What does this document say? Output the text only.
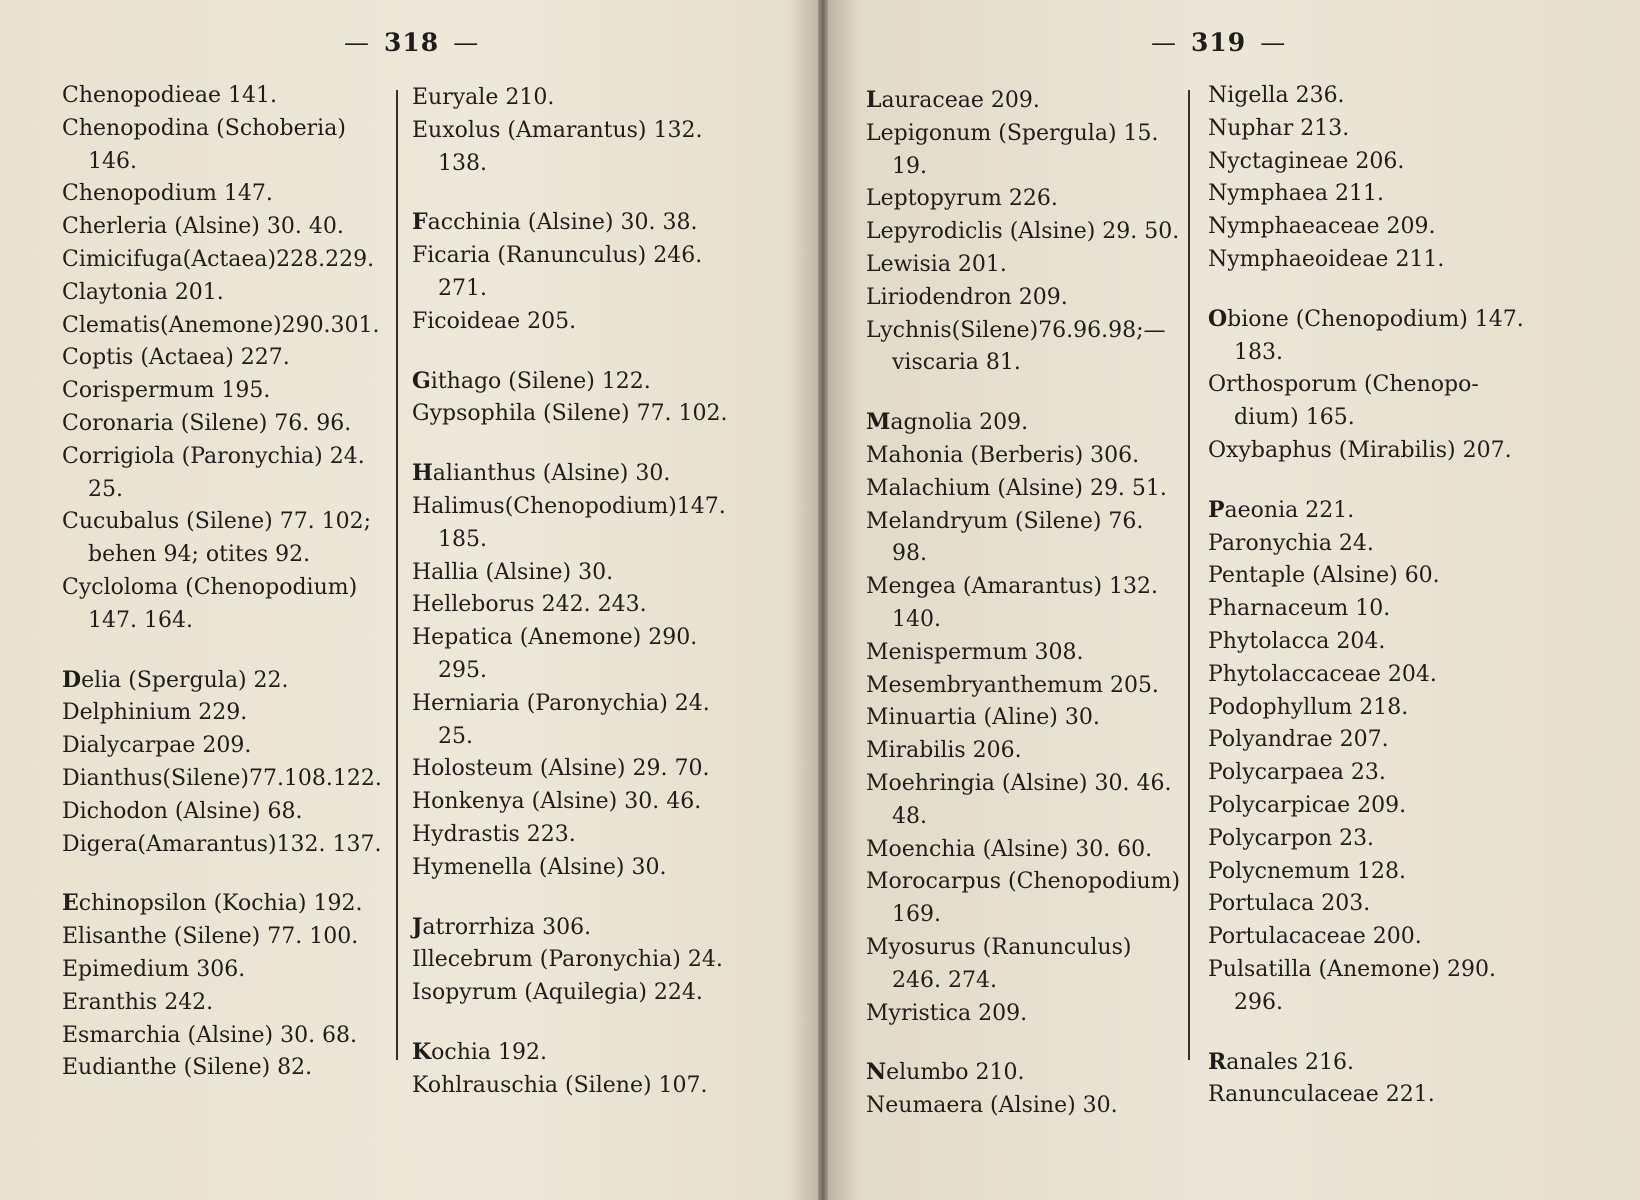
— 318 —
Chenopodieae 141.
Chenopodina (Schoberia) 146.
Chenopodium 147.
Cherleria (Alsine) 30. 40.
Cimicifuga(Actaea)228.229.
Claytonia 201.
Clematis(Anemone)290.301.
Coptis (Actaea) 227.
Corispermum 195.
Coronaria (Silene) 76. 96.
Corrigiola (Paronychia) 24. 25.
Cucubalus (Silene) 77. 102; behen 94; otites 92.
Cycloloma (Chenopodium) 147. 164.
Delia (Spergula) 22.
Delphinium 229.
Dialycarpae 209.
Dianthus(Silene)77.108.122.
Dichodon (Alsine) 68.
Digera(Amarantus)132. 137.
Echinopsilon (Kochia) 192.
Elisanthe (Silene) 77. 100.
Epimedium 306.
Eranthis 242.
Esmarchia (Alsine) 30. 68.
Eudianthe (Silene) 82.
Euryale 210.
Euxolus (Amarantus) 132. 138.
Facchinia (Alsine) 30. 38.
Ficaria (Ranunculus) 246. 271.
Ficoideae 205.
Githago (Silene) 122.
Gypsophila (Silene) 77. 102.
Halianthus (Alsine) 30.
Halimus(Chenopodium)147. 185.
Hallia (Alsine) 30.
Helleborus 242. 243.
Hepatica (Anemone) 290. 295.
Herniaria (Paronychia) 24. 25.
Holosteum (Alsine) 29. 70.
Honkenya (Alsine) 30. 46.
Hydrastis 223.
Hymenella (Alsine) 30.
Jatrorrhiza 306.
Illecebrum (Paronychia) 24.
Isopyrum (Aquilegia) 224.
Kochia 192.
Kohlrauschia (Silene) 107.
— 319 —
Lauraceae 209.
Lepigonum (Spergula) 15. 19.
Leptopyrum 226.
Lepyrodiclis (Alsine) 29. 50.
Lewisia 201.
Liriodendron 209.
Lychnis(Silene)76.96.98;— viscaria 81.
Magnolia 209.
Mahonia (Berberis) 306.
Malachium (Alsine) 29. 51.
Melandryum (Silene) 76. 98.
Mengea (Amarantus) 132. 140.
Menispermum 308.
Mesembryanthemum 205.
Minuartia (Aline) 30.
Mirabilis 206.
Moehringia (Alsine) 30. 46. 48.
Moenchia (Alsine) 30. 60.
Morocarpus (Chenopodium) 169.
Myosurus (Ranunculus) 246. 274.
Myristica 209.
Nelumbo 210.
Neumaera (Alsine) 30.
Nigella 236.
Nuphar 213.
Nyctagineae 206.
Nymphaea 211.
Nymphaeaceae 209.
Nymphaeoideae 211.
Obione (Chenopodium) 147. 183.
Orthosporum (Chenopo- dium) 165.
Oxybaphus (Mirabilis) 207.
Paeonia 221.
Paronychia 24.
Pentaple (Alsine) 60.
Pharnaceum 10.
Phytolacca 204.
Phytolaccaceae 204.
Podophyllum 218.
Polyandrae 207.
Polycarpaea 23.
Polycarpicae 209.
Polycarpon 23.
Polycnemum 128.
Portulaca 203.
Portulacaceae 200.
Pulsatilla (Anemone) 290. 296.
Ranales 216.
Ranunculaceae 221.
